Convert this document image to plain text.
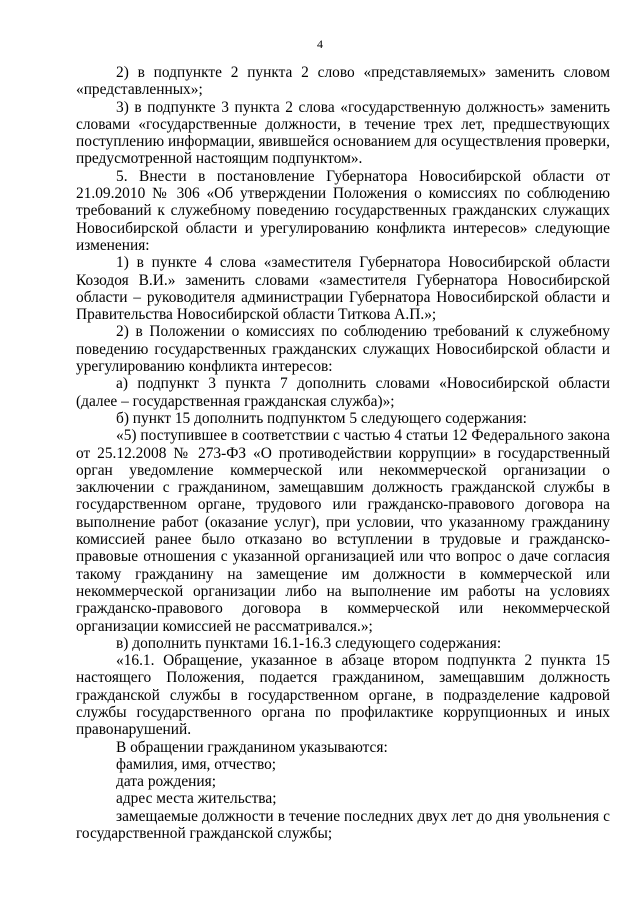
4

2) в подпункте 2 пункта 2 слово «представляемых» заменить словом «представленных»;

3) в подпункте 3 пункта 2 слова «государственную должность» заменить словами «государственные должности, в течение трех лет, предшествующих поступлению информации, явившейся основанием для осуществления проверки, предусмотренной настоящим подпунктом».

5. Внести в постановление Губернатора Новосибирской области от 21.09.2010 № 306 «Об утверждении Положения о комиссиях по соблюдению требований к служебному поведению государственных гражданских служащих Новосибирской области и урегулированию конфликта интересов» следующие изменения:

1) в пункте 4 слова «заместителя Губернатора Новосибирской области Козодоя В.И.» заменить словами «заместителя Губернатора Новосибирской области – руководителя администрации Губернатора Новосибирской области и Правительства Новосибирской области Титкова А.П.»;

2) в Положении о комиссиях по соблюдению требований к служебному поведению государственных гражданских служащих Новосибирской области и урегулированию конфликта интересов:

а) подпункт 3 пункта 7 дополнить словами «Новосибирской области (далее – государственная гражданская служба)»;

б) пункт 15 дополнить подпунктом 5 следующего содержания:

«5) поступившее в соответствии с частью 4 статьи 12 Федерального закона от 25.12.2008 № 273-ФЗ «О противодействии коррупции» в государственный орган уведомление коммерческой или некоммерческой организации о заключении с гражданином, замещавшим должность гражданской службы в государственном органе, трудового или гражданско-правового договора на выполнение работ (оказание услуг), при условии, что указанному гражданину комиссией ранее было отказано во вступлении в трудовые и гражданско-правовые отношения с указанной организацией или что вопрос о даче согласия такому гражданину на замещение им должности в коммерческой или некоммерческой организации либо на выполнение им работы на условиях гражданско-правового договора в коммерческой или некоммерческой организации комиссией не рассматривался.»;

в) дополнить пунктами 16.1-16.3 следующего содержания:

«16.1. Обращение, указанное в абзаце втором подпункта 2 пункта 15 настоящего Положения, подается гражданином, замещавшим должность гражданской службы в государственном органе, в подразделение кадровой службы государственного органа по профилактике коррупционных и иных правонарушений.

В обращении гражданином указываются:

фамилия, имя, отчество;

дата рождения;

адрес места жительства;

замещаемые должности в течение последних двух лет до дня увольнения с государственной гражданской службы;
